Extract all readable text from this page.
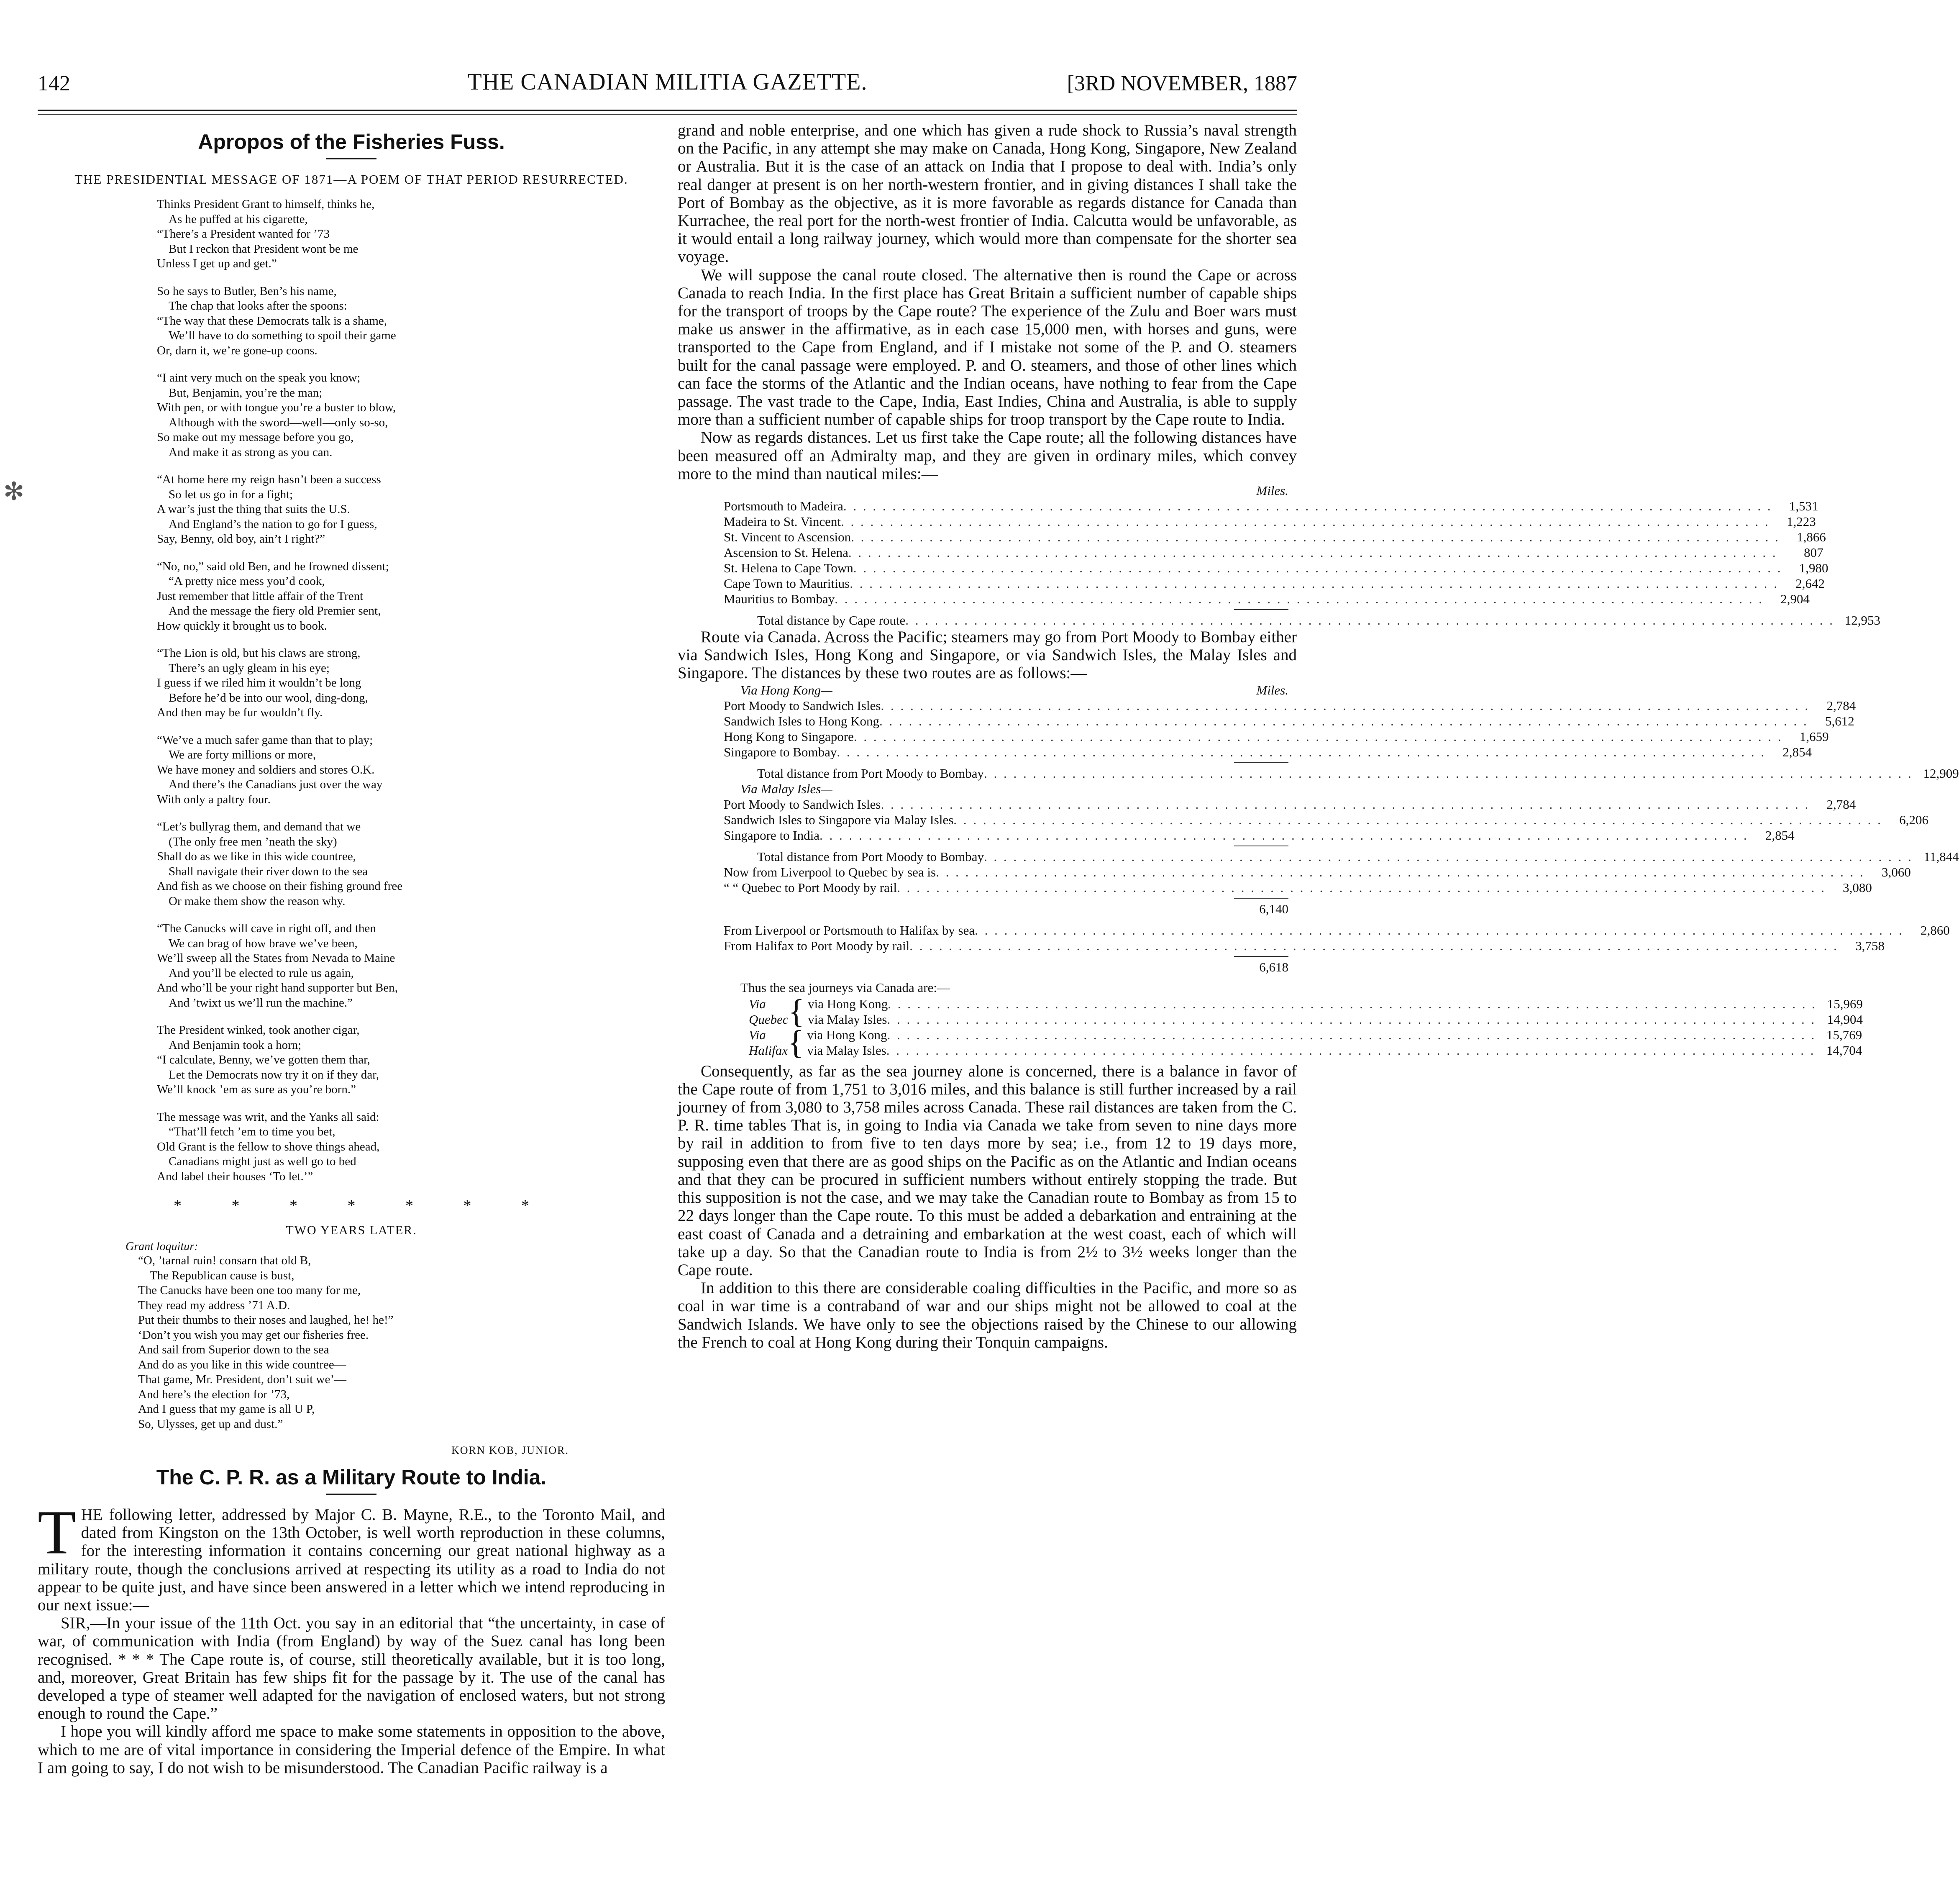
142	THE CANADIAN MILITIA GAZETTE.	[3RD NOVEMBER, 1887
✻
Apropos of the Fisheries Fuss.
THE PRESIDENTIAL MESSAGE OF 1871—A POEM OF THAT PERIOD RESURRECTED.
Thinks President Grant to himself, thinks he,
As he puffed at his cigarette,
“There’s a President wanted for ’73
But I reckon that President wont be me
Unless I get up and get.”
So he says to Butler, Ben’s his name,
The chap that looks after the spoons:
“The way that these Democrats talk is a shame,
We’ll have to do something to spoil their game
Or, darn it, we’re gone-up coons.
“I aint very much on the speak you know;
But, Benjamin, you’re the man;
With pen, or with tongue you’re a buster to blow,
Although with the sword—well—only so-so,
So make out my message before you go,
And make it as strong as you can.
“At home here my reign hasn’t been a success
So let us go in for a fight;
A war’s just the thing that suits the U.S.
And England’s the nation to go for I guess,
Say, Benny, old boy, ain’t I right?”
“No, no,” said old Ben, and he frowned dissent;
“A pretty nice mess you’d cook,
Just remember that little affair of the Trent
And the message the fiery old Premier sent,
How quickly it brought us to book.
“The Lion is old, but his claws are strong,
There’s an ugly gleam in his eye;
I guess if we riled him it wouldn’t be long
Before he’d be into our wool, ding-dong,
And then may be fur wouldn’t fly.
“We’ve a much safer game than that to play;
We are forty millions or more,
We have money and soldiers and stores O.K.
And there’s the Canadians just over the way
With only a paltry four.
“Let’s bullyrag them, and demand that we
(The only free men ’neath the sky)
Shall do as we like in this wide countree,
Shall navigate their river down to the sea
And fish as we choose on their fishing ground free
Or make them show the reason why.
“The Canucks will cave in right off, and then
We can brag of how brave we’ve been,
We’ll sweep all the States from Nevada to Maine
And you’ll be elected to rule us again,
And who’ll be your right hand supporter but Ben,
And ’twixt us we’ll run the machine.”
The President winked, took another cigar,
And Benjamin took a horn;
“I calculate, Benny, we’ve gotten them thar,
Let the Democrats now try it on if they dar,
We’ll knock ’em as sure as you’re born.”
The message was writ, and the Yanks all said:
“That’ll fetch ’em to time you bet,
Old Grant is the fellow to shove things ahead,
Canadians might just as well go to bed
And label their houses ‘To let.’”
* * * * * * *
TWO YEARS LATER.
Grant loquitur:
“O, ’tarnal ruin! consarn that old B,
The Republican cause is bust,
The Canucks have been one too many for me,
They read my address ’71 A.D.
Put their thumbs to their noses and laughed, he! he!”
‘Don’t you wish you may get our fisheries free.
And sail from Superior down to the sea
And do as you like in this wide countree—
That game, Mr. President, don’t suit we’—
And here’s the election for ’73,
And I guess that my game is all U P,
So, Ulysses, get up and dust.”
KORN KOB, JUNIOR.
The C. P. R. as a Military Route to India.

THE following letter, addressed by Major C. B. Mayne, R.E., to the Toronto Mail, and dated from Kingston on the 13th October, is well worth reproduction in these columns, for the interesting information it contains concerning our great national highway as a military route, though the conclusions arrived at respecting its utility as a road to India do not appear to be quite just, and have since been answered in a letter which we intend reproducing in our next issue:—

SIR,—In your issue of the 11th Oct. you say in an editorial that “the uncertainty, in case of war, of communication with India (from England) by way of the Suez canal has long been recognised. * * * The Cape route is, of course, still theoretically available, but it is too long, and, moreover, Great Britain has few ships fit for the passage by it. The use of the canal has developed a type of steamer well adapted for the navigation of enclosed waters, but not strong enough to round the Cape.”

I hope you will kindly afford me space to make some statements in opposition to the above, which to me are of vital importance in considering the Imperial defence of the Empire. In what I am going to say, I do not wish to be misunderstood. The Canadian Pacific railway is a

grand and noble enterprise, and one which has given a rude shock to Russia’s naval strength on the Pacific, in any attempt she may make on Canada, Hong Kong, Singapore, New Zealand or Australia. But it is the case of an attack on India that I propose to deal with. India’s only real danger at present is on her north-western frontier, and in giving distances I shall take the Port of Bombay as the objective, as it is more favorable as regards distance for Canada than Kurrachee, the real port for the north-west frontier of India. Calcutta would be unfavorable, as it would entail a long railway journey, which would more than compensate for the shorter sea voyage.

We will suppose the canal route closed. The alternative then is round the Cape or across Canada to reach India. In the first place has Great Britain a sufficient number of capable ships for the transport of troops by the Cape route? The experience of the Zulu and Boer wars must make us answer in the affirmative, as in each case 15,000 men, with horses and guns, were transported to the Cape from England, and if I mistake not some of the P. and O. steamers built for the canal passage were employed. P. and O. steamers, and those of other lines which can face the storms of the Atlantic and the Indian oceans, have nothing to fear from the Cape passage. The vast trade to the Cape, India, East Indies, China and Australia, is able to supply more than a sufficient number of capable ships for troop transport by the Cape route to India.

Now as regards distances. Let us first take the Cape route; all the following distances have been measured off an Admiralty map, and they are given in ordinary miles, which convey more to the mind than nautical miles:—

Miles.
Portsmouth to Madeira . . .	1,531
Madeira to St. Vincent . . .	1,223
St. Vincent to Ascension . . .	1,866
Ascension to St. Helena . . .	807
St. Helena to Cape Town . . .	1,980
Cape Town to Mauritius . . .	2,642
Mauritius to Bombay . . .	2,904
Total distance by Cape route . . .	12,953

Route via Canada. Across the Pacific; steamers may go from Port Moody to Bombay either via Sandwich Isles, Hong Kong and Singapore, or via Sandwich Isles, the Malay Isles and Singapore. The distances by these two routes are as follows:—

Via Hong Kong—	Miles.
Port Moody to Sandwich Isles . . .	2,784
Sandwich Isles to Hong Kong . . .	5,612
Hong Kong to Singapore . . .	1,659
Singapore to Bombay . . .	2,854
Total distance from Port Moody to Bombay . . .	12,909
Via Malay Isles—
Port Moody to Sandwich Isles . . .	2,784
Sandwich Isles to Singapore via Malay Isles . . .	6,206
Singapore to India . . .	2,854
Total distance from Port Moody to Bombay . . .	11,844
Now from Liverpool to Quebec by sea is . . .	3,060
“ “ Quebec to Port Moody by rail . . .	3,080
6,140
From Liverpool or Portsmouth to Halifax by sea . . .	2,860
From Halifax to Port Moody by rail . . .	3,758
6,618
Thus the sea journeys via Canada are:—
Via Quebec { via Hong Kong . . .	15,969
via Malay Isles . . .	14,904
Via Halifax { via Hong Kong . . .	15,769
via Malay Isles . . .	14,704

Consequently, as far as the sea journey alone is concerned, there is a balance in favor of the Cape route of from 1,751 to 3,016 miles, and this balance is still further increased by a rail journey of from 3,080 to 3,758 miles across Canada. These rail distances are taken from the C. P. R. time tables That is, in going to India via Canada we take from seven to nine days more by rail in addition to from five to ten days more by sea; i.e., from 12 to 19 days more, supposing even that there are as good ships on the Pacific as on the Atlantic and Indian oceans and that they can be procured in sufficient numbers without entirely stopping the trade. But this supposition is not the case, and we may take the Canadian route to Bombay as from 15 to 22 days longer than the Cape route. To this must be added a debarkation and entraining at the east coast of Canada and a detraining and embarkation at the west coast, each of which will take up a day. So that the Canadian route to India is from 2½ to 3½ weeks longer than the Cape route.

In addition to this there are considerable coaling difficulties in the Pacific, and more so as coal in war time is a contraband of war and our ships might not be allowed to coal at the Sandwich Islands. We have only to see the objections raised by the Chinese to our allowing the French to coal at Hong Kong during their Tonquin campaigns.
